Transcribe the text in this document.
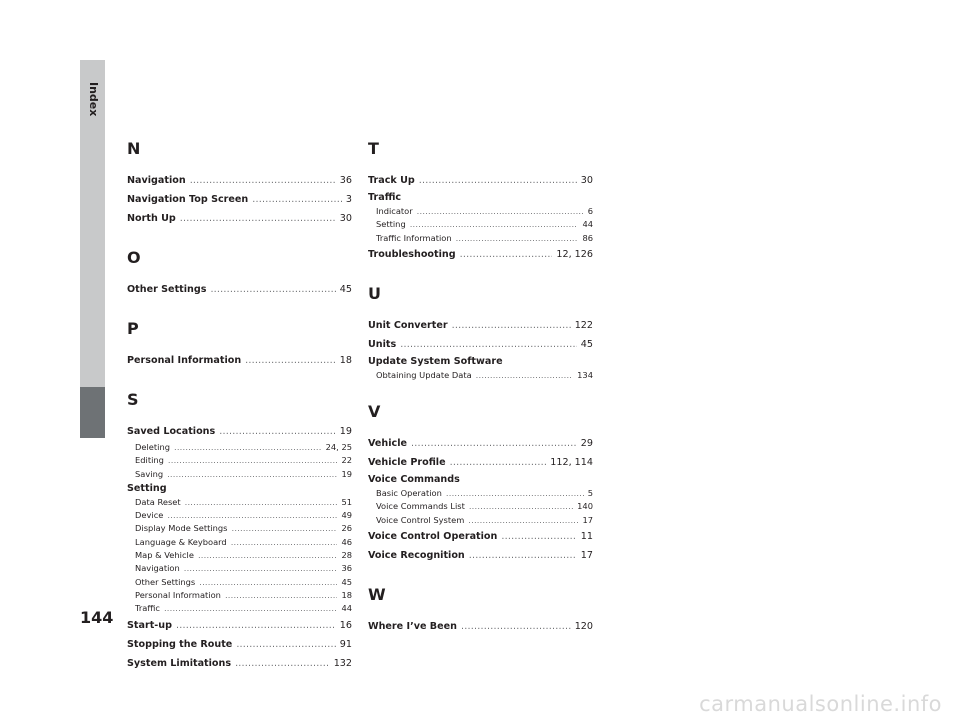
Index
N
Navigation .....	36
Navigation Top Screen .....	3
North Up .....	30
O
Other Settings .....	45
P
Personal Information .....	18
S
Saved Locations .....	19
Deleting .....	24, 25
Editing .....	22
Saving .....	19
Setting
Data Reset .....	51
Device .....	49
Display Mode Settings .....	26
Language & Keyboard .....	46
Map & Vehicle .....	28
Navigation .....	36
Other Settings .....	45
Personal Information .....	18
Traffic .....	44
Start-up .....	16
Stopping the Route .....	91
System Limitations .....	132
T
Track Up .....	30
Traffic
Indicator .....	6
Setting .....	44
Traffic Information .....	86
Troubleshooting .....	12, 126
U
Unit Converter .....	122
Units .....	45
Update System Software
Obtaining Update Data .....	134
V
Vehicle .....	29
Vehicle Profile .....	112, 114
Voice Commands
Basic Operation .....	5
Voice Commands List .....	140
Voice Control System .....	17
Voice Control Operation .....	11
Voice Recognition .....	17
W
Where I’ve Been .....	120
144
carmanualsonline.info
